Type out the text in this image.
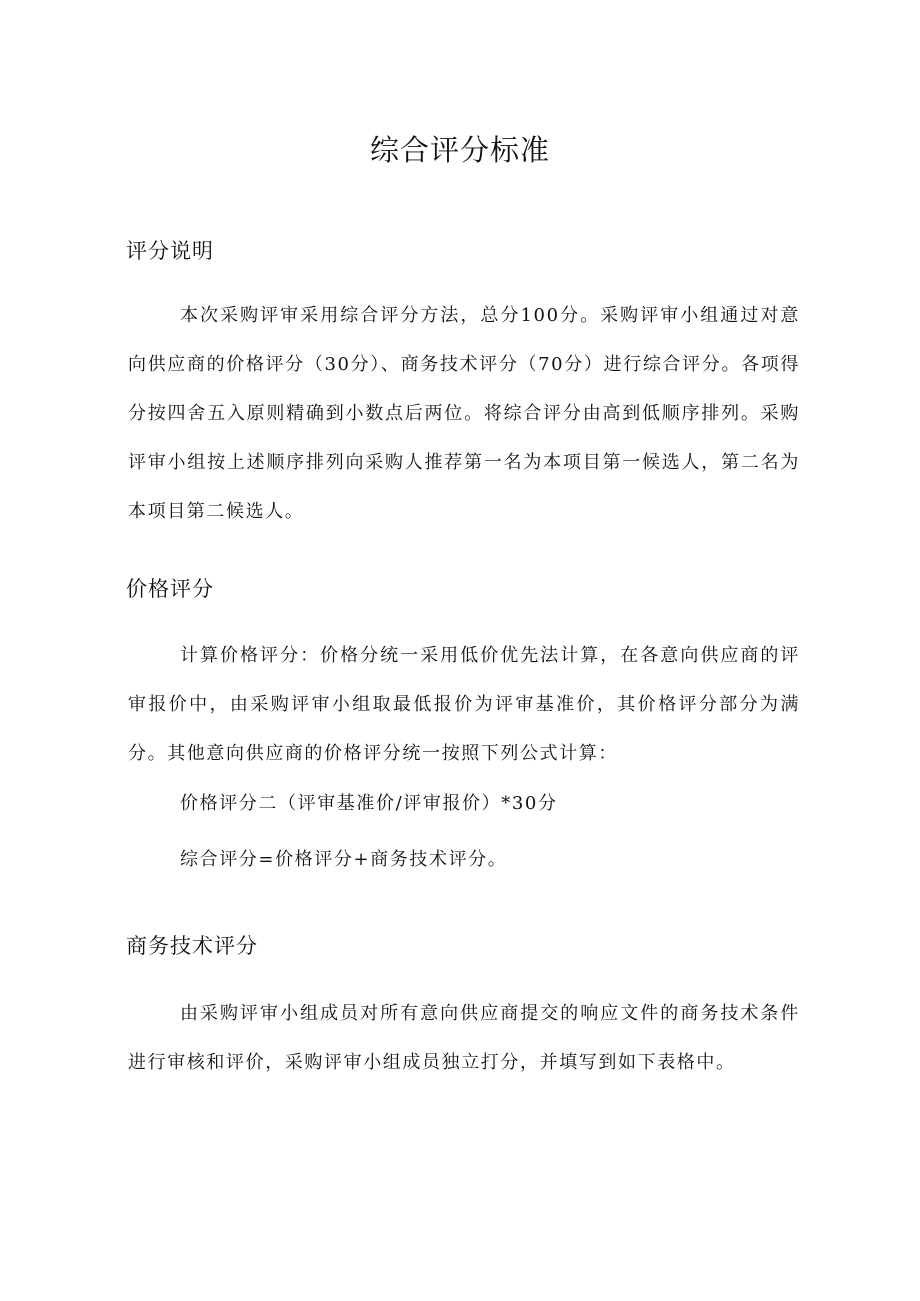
综合评分标准
评分说明

本次采购评审采用综合评分方法，总分100分。采购评审小组通过对意向供应商的价格评分（30分）、商务技术评分（70分）进行综合评分。各项得分按四舍五入原则精确到小数点后两位。将综合评分由高到低顺序排列。采购评审小组按上述顺序排列向采购人推荐第一名为本项目第一候选人，第二名为本项目第二候选人。

价格评分

计算价格评分：价格分统一采用低价优先法计算，在各意向供应商的评审报价中，由采购评审小组取最低报价为评审基准价，其价格评分部分为满分。其他意向供应商的价格评分统一按照下列公式计算：

价格评分二（评审基准价/评审报价）*30分

综合评分=价格评分+商务技术评分。

商务技术评分

由采购评审小组成员对所有意向供应商提交的响应文件的商务技术条件进行审核和评价，采购评审小组成员独立打分，并填写到如下表格中。
